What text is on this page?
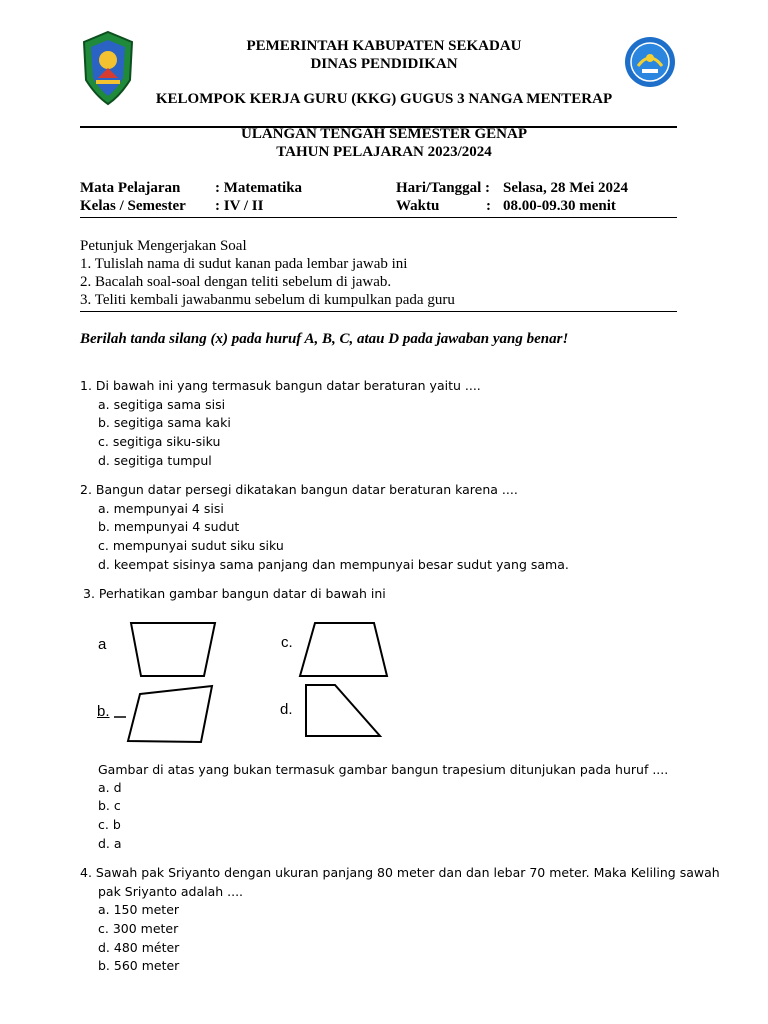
PEMERINTAH KABUPATEN SEKADAU
DINAS PENDIDIKAN
KELOMPOK KERJA GURU (KKG) GUGUS 3 NANGA MENTERAP
ULANGAN TENGAH SEMESTER GENAP
TAHUN PELAJARAN 2023/2024
Mata Pelajaran : Matematika	Hari/Tanggal : Selasa, 28 Mei 2024
Kelas / Semester : IV / II	Waktu	: 08.00-09.30 menit
Petunjuk Mengerjakan Soal
1. Tulislah nama di sudut kanan pada lembar jawab ini
2. Bacalah soal-soal dengan teliti sebelum di jawab.
3. Teliti kembali jawabanmu sebelum di kumpulkan pada guru
Berilah tanda silang (x) pada huruf A, B, C, atau D pada jawaban yang benar!
1. Di bawah ini yang termasuk bangun datar beraturan yaitu ....
a. segitiga sama sisi
b. segitiga sama kaki
c. segitiga siku-siku
d. segitiga tumpul
2. Bangun datar persegi dikatakan bangun datar beraturan karena ....
a. mempunyai 4 sisi
b. mempunyai 4 sudut
c. mempunyai sudut siku siku
d. keempat sisinya sama panjang dan mempunyai besar sudut yang sama.
3. Perhatikan gambar bangun datar di bawah ini
a	c.
b.	d.
Gambar di atas yang bukan termasuk gambar bangun trapesium ditunjukan pada huruf ....
a. d
b. c
c. b
d. a
4. Sawah pak Sriyanto dengan ukuran panjang 80 meter dan dan lebar 70 meter. Maka Keliling sawah
pak Sriyanto adalah ....
a. 150 meter
c. 300 meter
d. 480 méter
b. 560 meter
